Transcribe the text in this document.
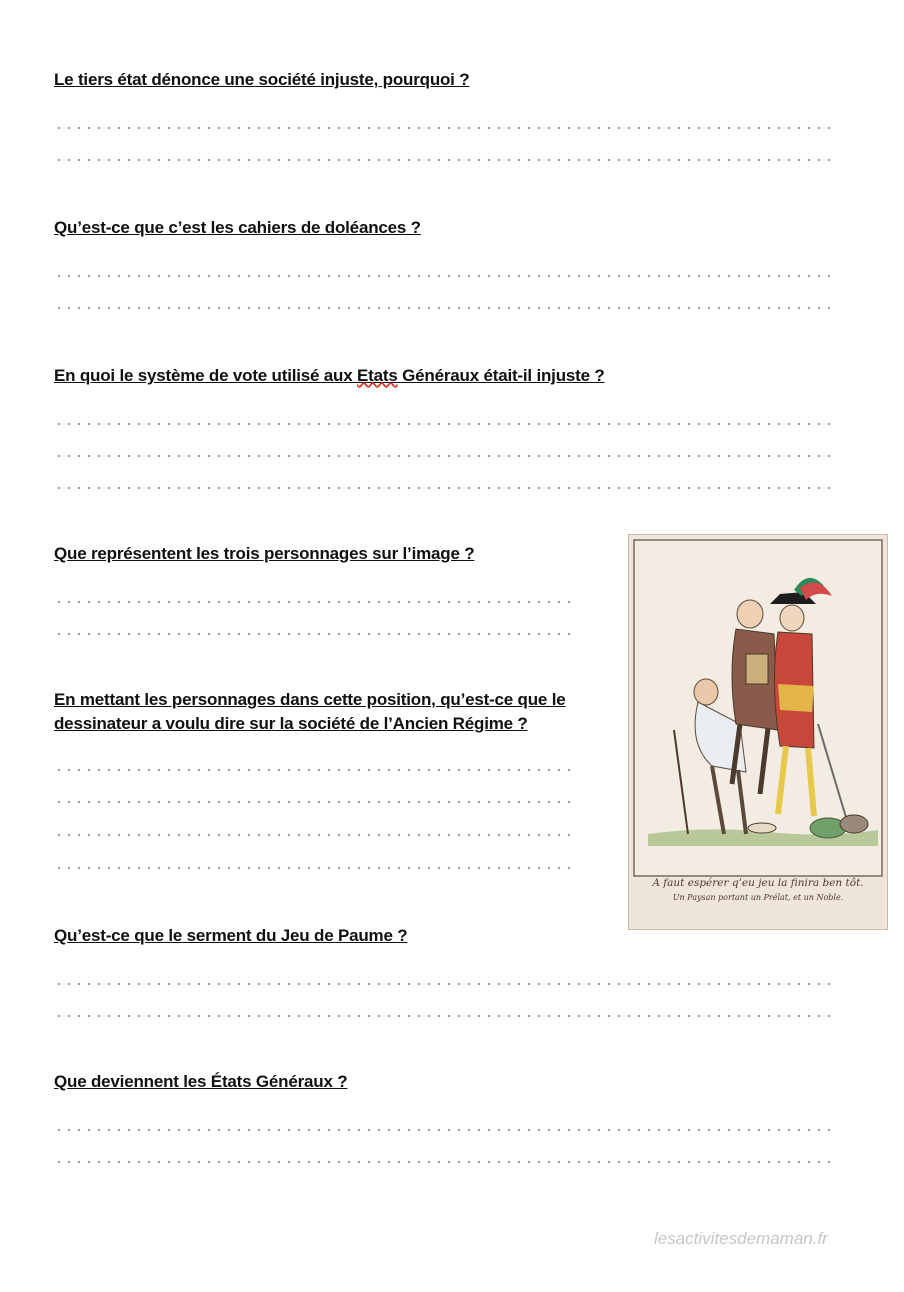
Le tiers état dénonce une société injuste, pourquoi ?

Qu’est-ce que c’est les cahiers de doléances ?

En quoi le système de vote utilisé aux Etats Généraux était-il injuste ?

Que représentent les trois personnages sur l’image ?

En mettant les personnages dans cette position, qu’est-ce que le
dessinateur a voulu dire sur la société de l’Ancien Régime ?

Qu’est-ce que le serment du Jeu de Paume ?

Que deviennent les États Généraux ?

A faut espérer q’eu jeu la finira ben tôt.
Un Paysan portant un Prélat, et un Noble.
lesactivitesdemaman.fr
